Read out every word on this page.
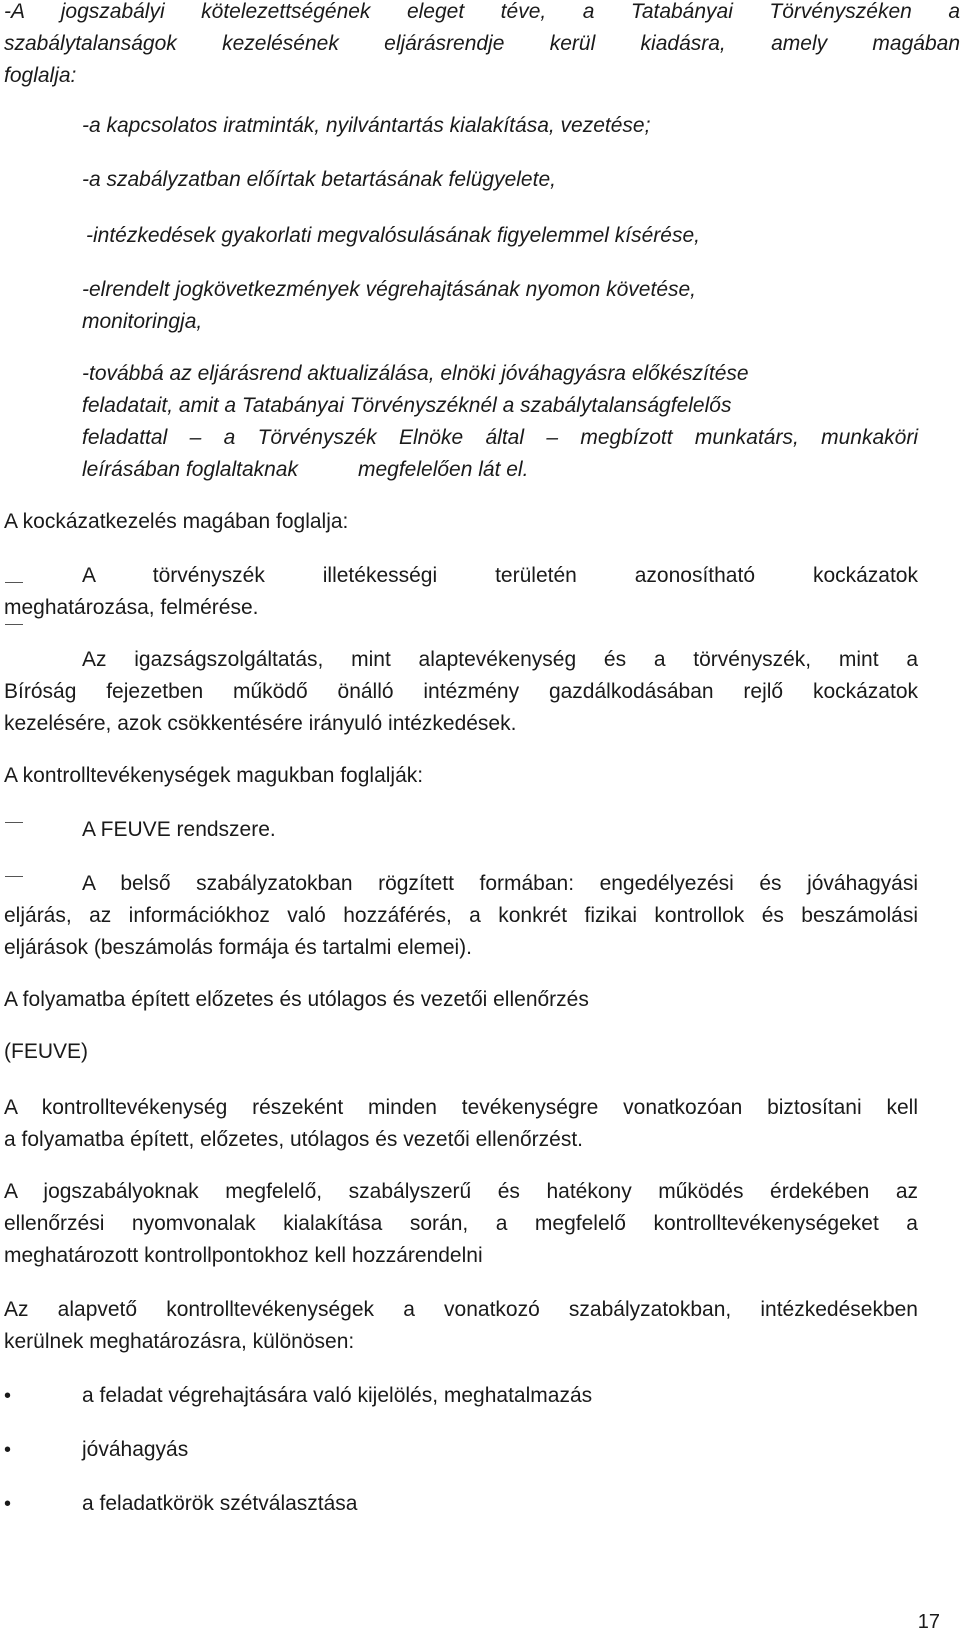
-A jogszabályi kötelezettségének eleget téve, a Tatabányai Törvényszéken a
szabálytalanságok kezelésének eljárásrendje kerül kiadásra, amely magában
foglalja:
-a kapcsolatos iratminták, nyilvántartás kialakítása, vezetése;
-a szabályzatban előírtak betartásának felügyelete,
-intézkedések gyakorlati megvalósulásának figyelemmel kísérése,
-elrendelt jogkövetkezmények végrehajtásának nyomon követése,
monitoringja,
-továbbá az eljárásrend aktualizálása, elnöki jóváhagyásra előkészítése
feladatait, amit a Tatabányai Törvényszéknél a szabálytalanságfelelős
feladattal – a Törvényszék Elnöke által – megbízott munkatárs, munkaköri
leírásában foglaltaknak	megfelelően lát el.
A kockázatkezelés magában foglalja:
A törvényszék illetékességi területén azonosítható kockázatok
meghatározása, felmérése.
Az igazságszolgáltatás, mint alaptevékenység és a törvényszék, mint a
Bíróság fejezetben működő önálló intézmény gazdálkodásában rejlő kockázatok
kezelésére, azok csökkentésére irányuló intézkedések.
A kontrolltevékenységek magukban foglalják:
A FEUVE rendszere.
A belső szabályzatokban rögzített formában: engedélyezési és jóváhagyási
eljárás, az információkhoz való hozzáférés, a konkrét fizikai kontrollok és beszámolási
eljárások (beszámolás formája és tartalmi elemei).
A folyamatba épített előzetes és utólagos és vezetői ellenőrzés
(FEUVE)
A kontrolltevékenység részeként minden tevékenységre vonatkozóan biztosítani kell
a folyamatba épített, előzetes, utólagos és vezetői ellenőrzést.
A jogszabályoknak megfelelő, szabályszerű és hatékony működés érdekében az
ellenőrzési nyomvonalak kialakítása során, a megfelelő kontrolltevékenységeket a
meghatározott kontrollpontokhoz kell hozzárendelni
Az alapvető kontrolltevékenységek a vonatkozó szabályzatokban, intézkedésekben
kerülnek meghatározásra, különösen:
•	a feladat végrehajtására való kijelölés, meghatalmazás
•	jóváhagyás
•	a feladatkörök szétválasztása
17
